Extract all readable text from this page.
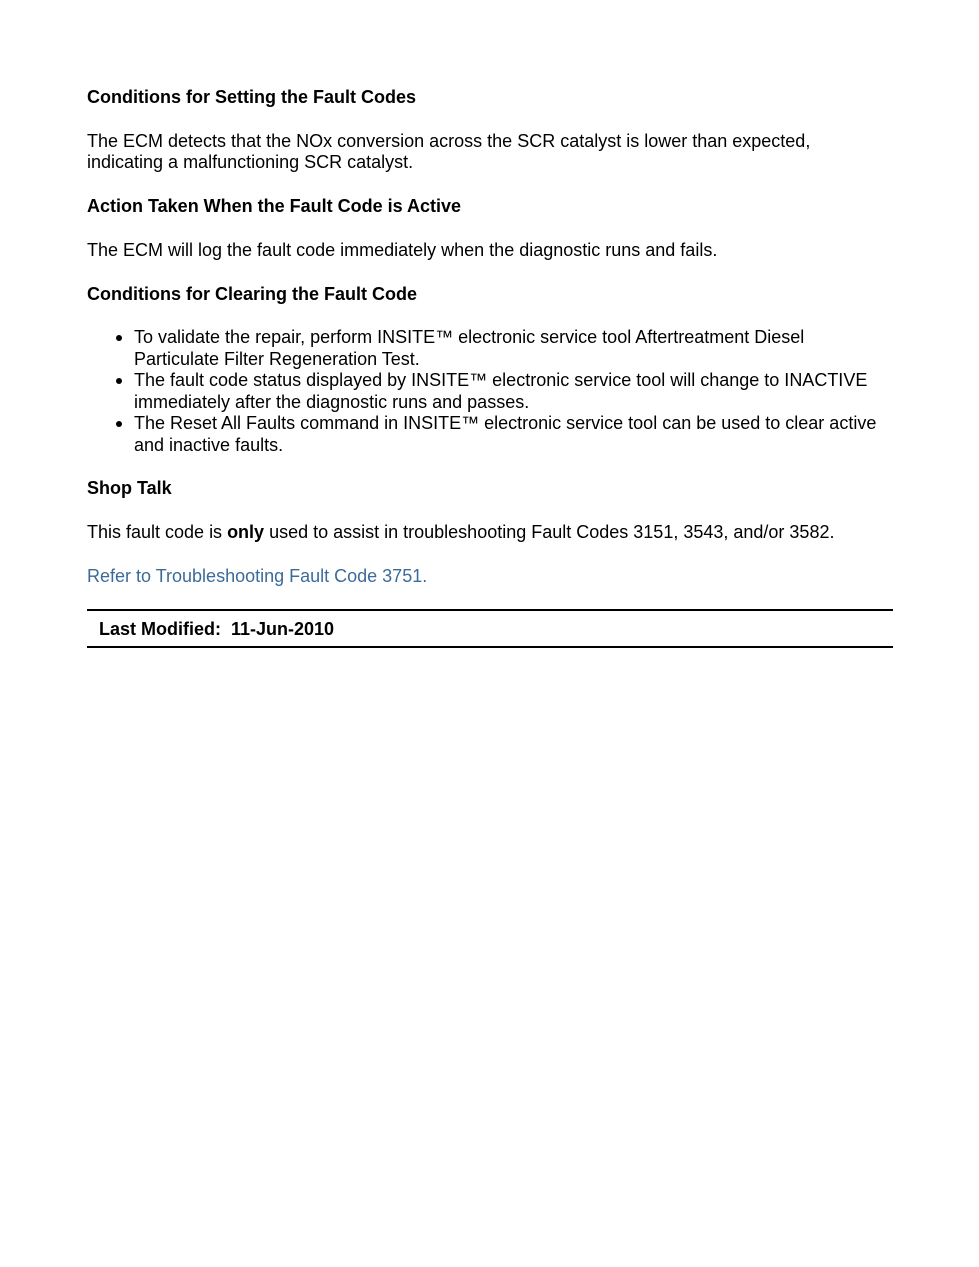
Conditions for Setting the Fault Codes

The ECM detects that the NOx conversion across the SCR catalyst is lower than expected, indicating a malfunctioning SCR catalyst.

Action Taken When the Fault Code is Active

The ECM will log the fault code immediately when the diagnostic runs and fails.

Conditions for Clearing the Fault Code
To validate the repair, perform INSITE™ electronic service tool Aftertreatment Diesel Particulate Filter Regeneration Test.
The fault code status displayed by INSITE™ electronic service tool will change to INACTIVE immediately after the diagnostic runs and passes.
The Reset All Faults command in INSITE™ electronic service tool can be used to clear active and inactive faults.
Shop Talk

This fault code is only used to assist in troubleshooting Fault Codes 3151, 3543, and/or 3582.

Refer to Troubleshooting Fault Code 3751.

Last Modified:  11-Jun-2010
